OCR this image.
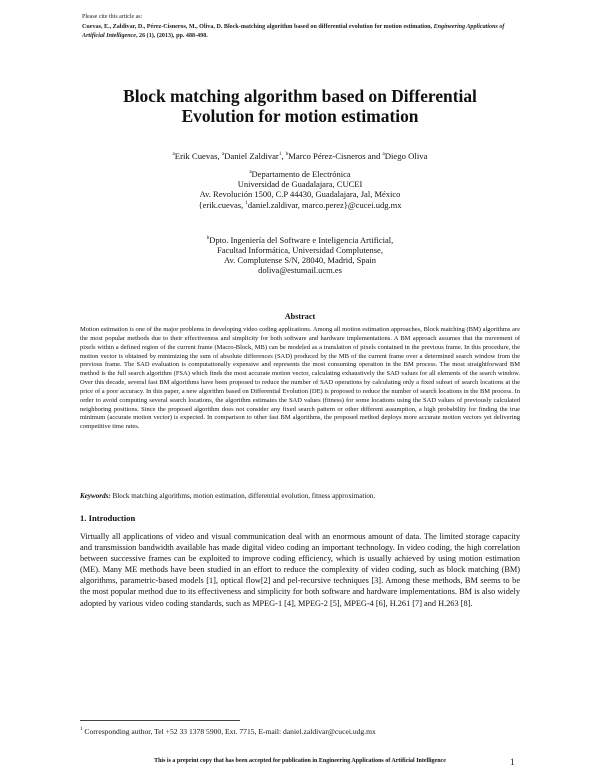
Please cite this article as:
Cuevas, E., Zaldivar, D., Pérez-Cisneros, M., Oliva, D. Block-matching algorithm based on differential evolution for motion estimation, Engineering Applications of Artificial Intelligence, 26 (1), (2013), pp. 488-498.
Block matching algorithm based on Differential
Evolution for motion estimation
$^a$Erik Cuevas, $^a$Daniel Zaldivar$^1$, $^b$Marco Pérez-Cisneros and $^a$Diego Oliva
$^a$Departamento de Electrónica
Universidad de Guadalajara, CUCEI
Av. Revolución 1500, C.P 44430, Guadalajara, Jal, México
{erik.cuevas, $^1$daniel.zaldivar, marco.perez}@cucei.udg.mx
$^b$Dpto. Ingeniería del Software e Inteligencia Artificial,
Facultad Informática, Universidad Complutense,
Av. Complutense S/N, 28040, Madrid, Spain
doliva@estumail.ucm.es
Abstract

Motion estimation is one of the major problems in developing video coding applications. Among all motion estimation approaches, Block matching (BM) algorithms are the most popular methods due to their effectiveness and simplicity for both software and hardware implementations. A BM approach assumes that the movement of pixels within a defined region of the current frame (Macro-Block, MB) can be modeled as a translation of pixels contained in the previous frame. In this procedure, the motion vector is obtained by minimizing the sum of absolute differences (SAD) produced by the MB of the current frame over a determined search window from the previous frame. The SAD evaluation is computationally expensive and represents the most consuming operation in the BM process. The most straightforward BM method is the full search algorithm (FSA) which finds the most accurate motion vector, calculating exhaustively the SAD values for all elements of the search window. Over this decade, several fast BM algorithms have been proposed to reduce the number of SAD operations by calculating only a fixed subset of search locations at the price of a poor accuracy. In this paper, a new algorithm based on Differential Evolution (DE) is proposed to reduce the number of search locations in the BM process. In order to avoid computing several search locations, the algorithm estimates the SAD values (fitness) for some locations using the SAD values of previously calculated neighboring positions. Since the proposed algorithm does not consider any fixed search pattern or other different assumption, a high probability for finding the true minimum (accurate motion vector) is expected. In comparison to other fast BM algorithms, the proposed method deploys more accurate motion vectors yet delivering competitive time rates.

Keywords: Block matching algorithms, motion estimation, differential evolution, fitness approximation.
1. Introduction

Virtually all applications of video and visual communication deal with an enormous amount of data. The limited storage capacity and transmission bandwidth available has made digital video coding an important technology. In video coding, the high correlation between successive frames can be exploited to improve coding efficiency, which is usually achieved by using motion estimation (ME). Many ME methods have been studied in an effort to reduce the complexity of video coding, such as block matching (BM) algorithms, parametric-based models [1], optical flow[2] and pel-recursive techniques [3]. Among these methods, BM seems to be the most popular method due to its effectiveness and simplicity for both software and hardware implementations. BM is also widely adopted by various video coding standards, such as MPEG-1 [4], MPEG-2 [5], MPEG-4 [6], H.261 [7] and H.263 [8].

$^1$ Corresponding author, Tel +52 33 1378 5900, Ext. 7715, E-mail: daniel.zaldivar@cucei.udg.mx
This is a preprint copy that has been accepted for publication in Engineering Applications of Artificial Intelligence	1
